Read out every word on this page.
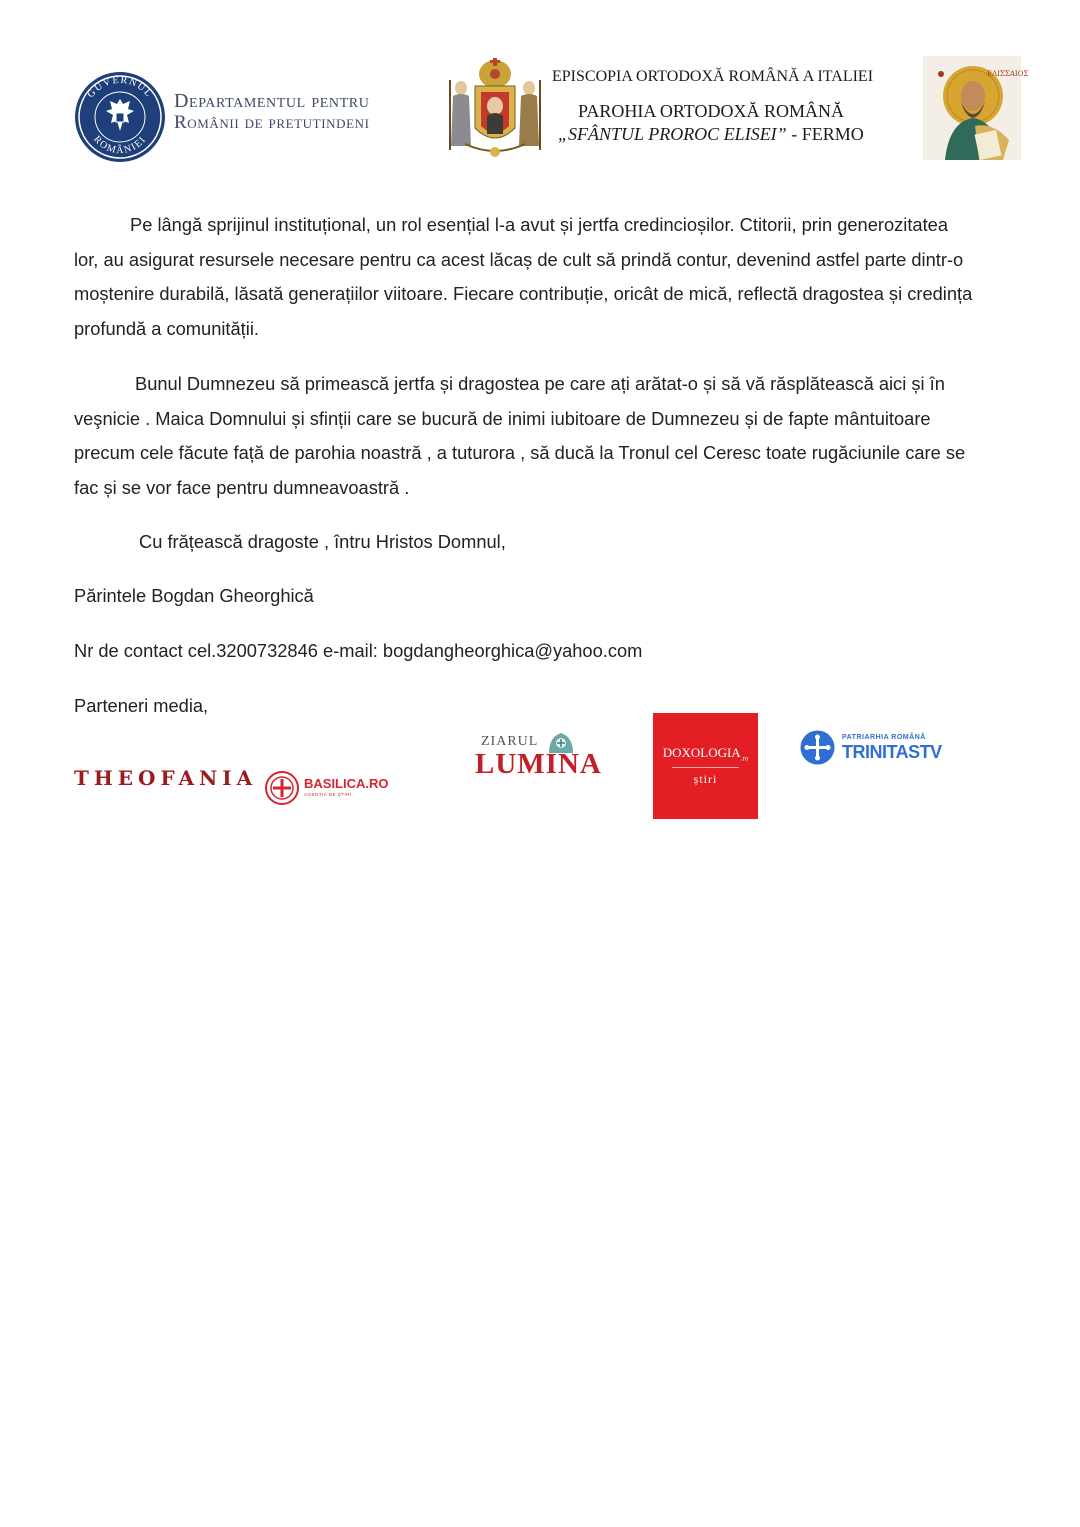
GUVERNUL
ROMÂNIEI
Departamentul pentru
Românii de pretutindeni
EPISCOPIA ORTODOXĂ ROMÂNĂ A ITALIEI
PAROHIA ORTODOXĂ ROMÂNĂ
„SFÂNTUL PROROC ELISEI” - FERMO
ΕΛΙΣΣΑΙΟΣ

Pe lângă sprijinul instituțional, un rol esențial l-a avut și jertfa credincioșilor. Ctitorii, prin generozitatea lor, au asigurat resursele necesare pentru ca acest lăcaș de cult să prindă contur, devenind astfel parte dintr-o moștenire durabilă, lăsată generațiilor viitoare. Fiecare contribuție, oricât de mică, reflectă dragostea și credința profundă a comunității.

Bunul Dumnezeu să primească jertfa și dragostea pe care ați arătat-o și să vă răsplătească aici și în veşnicie . Maica Domnului și sfinții care se bucură de inimi iubitoare de Dumnezeu și de fapte mântuitoare precum cele făcute față de parohia noastră , a tuturora , să ducă la Tronul cel Ceresc toate rugăciunile care se fac și se vor face pentru dumneavoastră .

Cu frățească dragoste , întru Hristos Domnul,
Părintele Bogdan Gheorghică
Nr de contact cel.3200732846 e-mail: bogdangheorghica@yahoo.com
Parteneri media,
THEOFANIA	BASILICA.RO
AGENȚIA DE ȘTIRI
ZIARUL
LUMINA	$DOXOLOGIA_{.ro}$
știri
PATRIARHIA ROMÂNĂ
TRINITASTV
